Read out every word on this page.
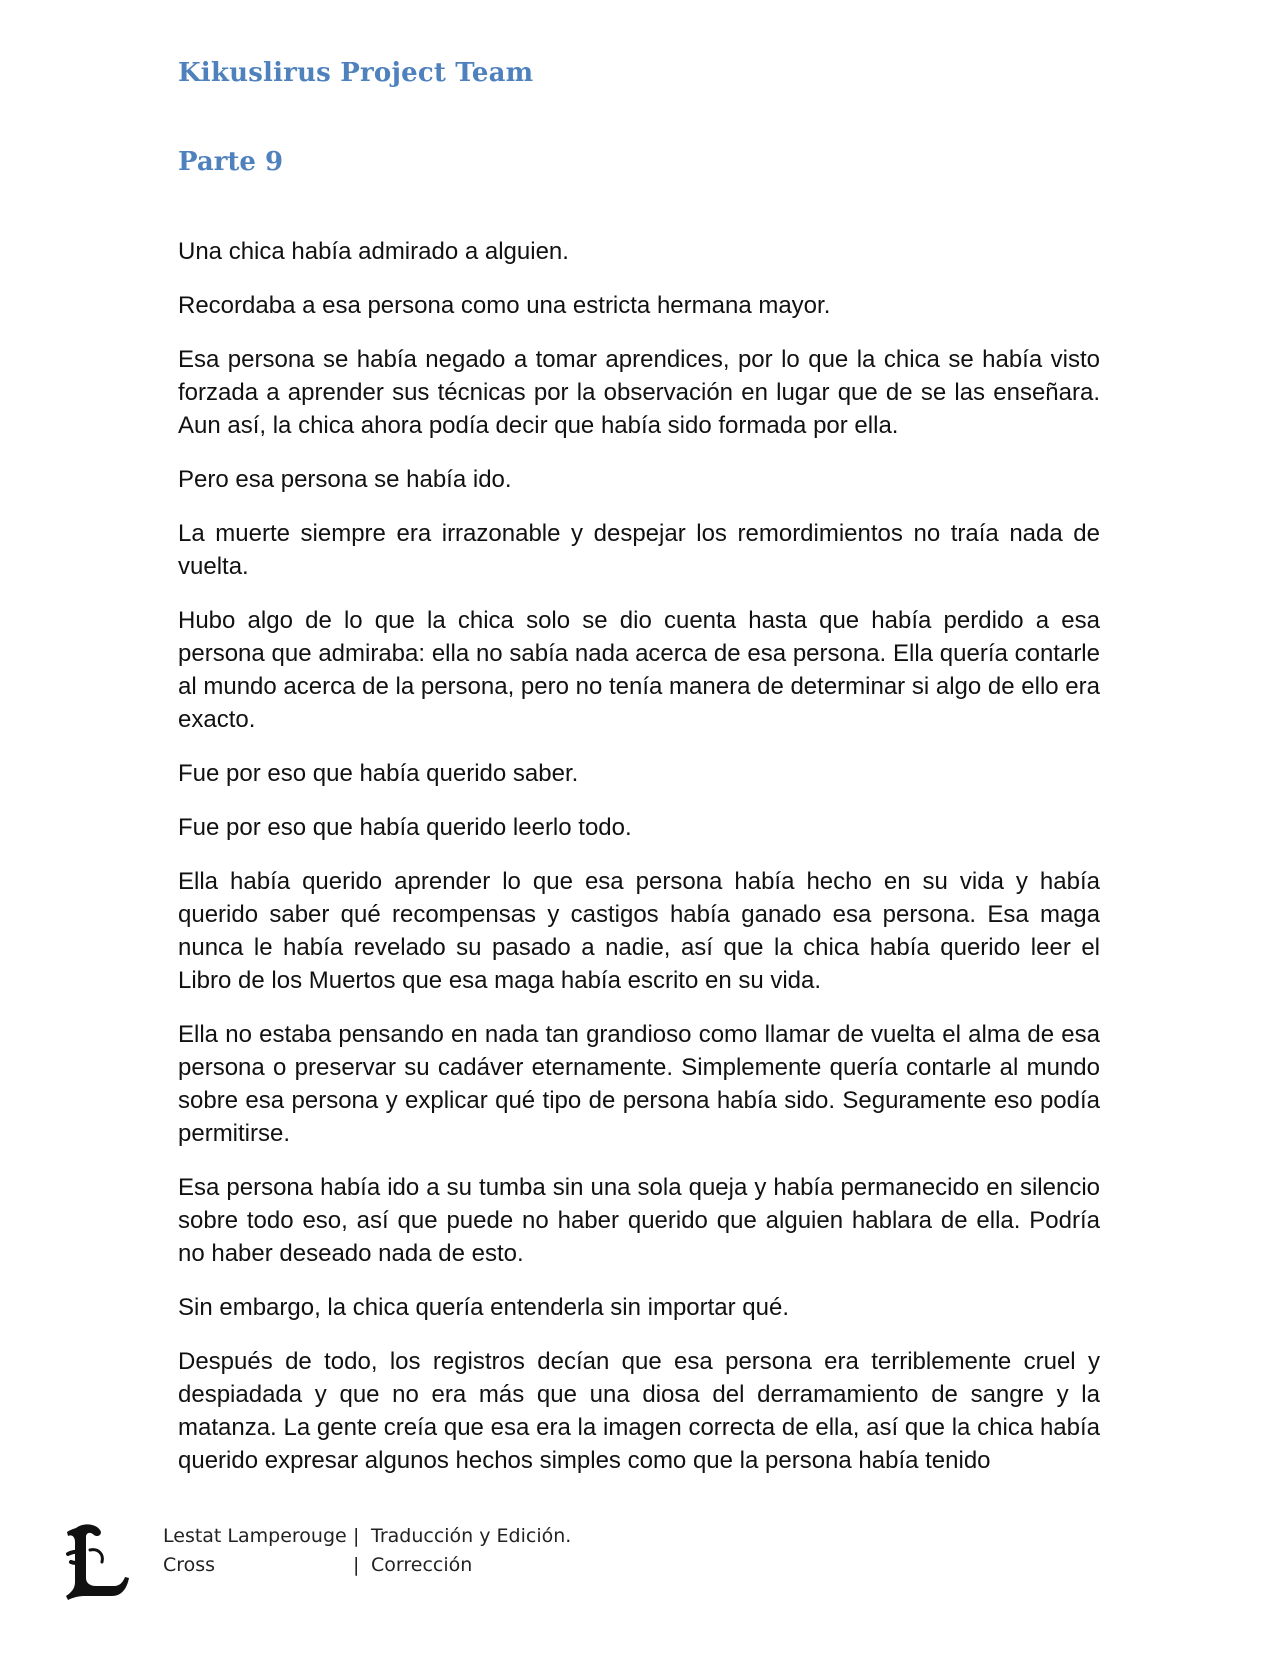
Kikuslirus Project Team
Parte 9

Una chica había admirado a alguien.

Recordaba a esa persona como una estricta hermana mayor.

Esa persona se había negado a tomar aprendices, por lo que la chica se había visto forzada a aprender sus técnicas por la observación en lugar que de se las enseñara. Aun así, la chica ahora podía decir que había sido formada por ella.

Pero esa persona se había ido.

La muerte siempre era irrazonable y despejar los remordimientos no traía nada de vuelta.

Hubo algo de lo que la chica solo se dio cuenta hasta que había perdido a esa persona que admiraba: ella no sabía nada acerca de esa persona. Ella quería contarle al mundo acerca de la persona, pero no tenía manera de determinar si algo de ello era exacto.

Fue por eso que había querido saber.

Fue por eso que había querido leerlo todo.

Ella había querido aprender lo que esa persona había hecho en su vida y había querido saber qué recompensas y castigos había ganado esa persona. Esa maga nunca le había revelado su pasado a nadie, así que la chica había querido leer el Libro de los Muertos que esa maga había escrito en su vida.

Ella no estaba pensando en nada tan grandioso como llamar de vuelta el alma de esa persona o preservar su cadáver eternamente. Simplemente quería contarle al mundo sobre esa persona y explicar qué tipo de persona había sido. Seguramente eso podía permitirse.

Esa persona había ido a su tumba sin una sola queja y había permanecido en silencio sobre todo eso, así que puede no haber querido que alguien hablara de ella. Podría no haber deseado nada de esto.

Sin embargo, la chica quería entenderla sin importar qué.

Después de todo, los registros decían que esa persona era terriblemente cruel y despiadada y que no era más que una diosa del derramamiento de sangre y la matanza. La gente creía que esa era la imagen correcta de ella, así que la chica había querido expresar algunos hechos simples como que la persona había tenido

Lestat Lamperouge | Traducción y Edición.
Cross	| Corrección
